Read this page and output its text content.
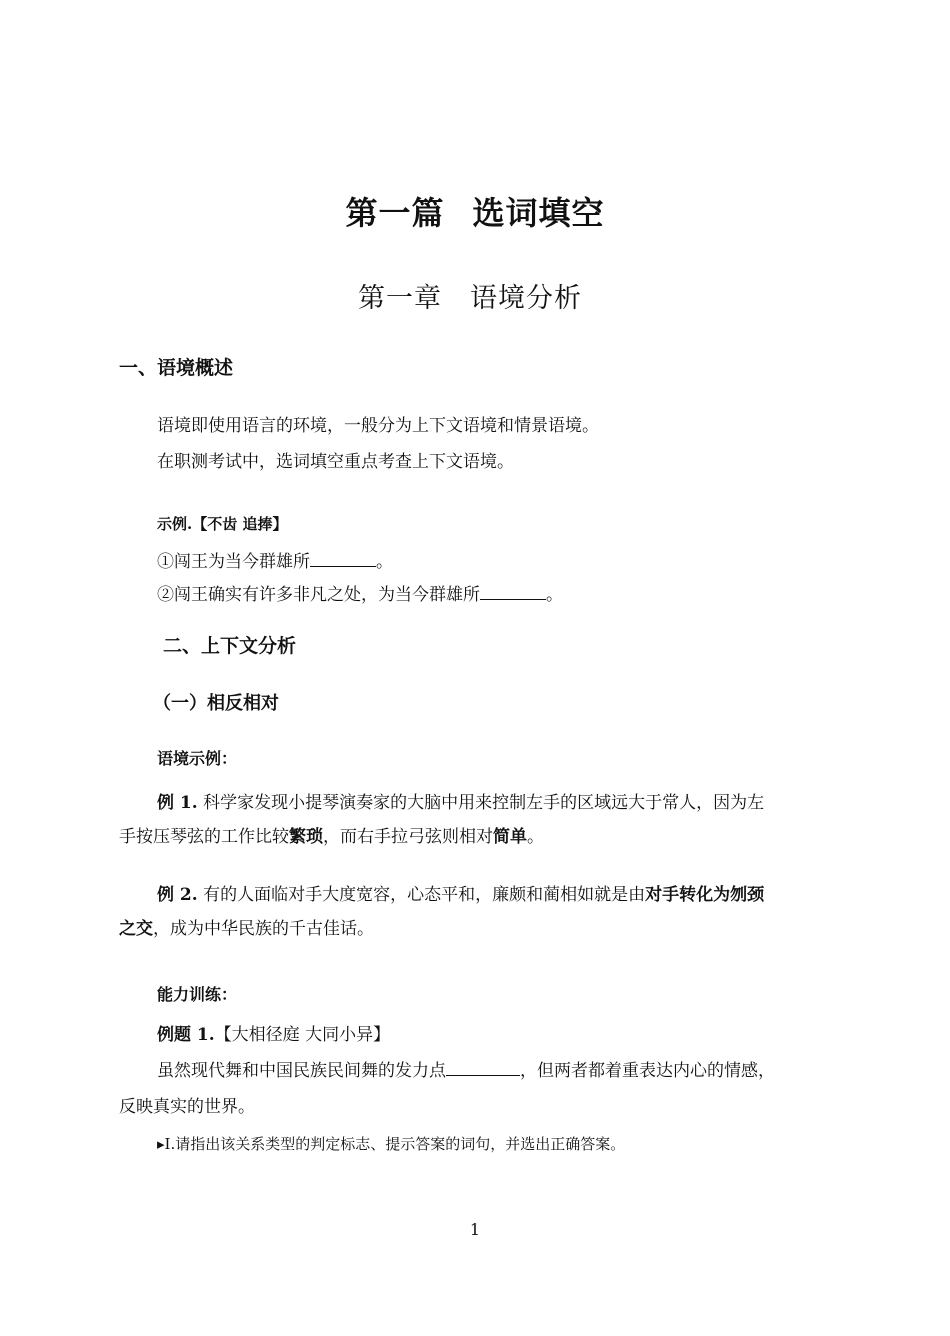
第一篇 选词填空
第一章 语境分析
一、语境概述
语境即使用语言的环境，一般分为上下文语境和情景语境。
在职测考试中，选词填空重点考查上下文语境。
示例.【不齿 追捧】
①闯王为当今群雄所	。
②闯王确实有许多非凡之处，为当今群雄所	。
二、上下文分析
（一）相反相对
语境示例：
例 1. 科学家发现小提琴演奏家的大脑中用来控制左手的区域远大于常人，因为左
手按压琴弦的工作比较繁琐，而右手拉弓弦则相对简单。
例 2. 有的人面临对手大度宽容，心态平和，廉颇和蔺相如就是由对手转化为刎颈
之交，成为中华民族的千古佳话。
能力训练：
例题 1.【大相径庭 大同小异】
虽然现代舞和中国民族民间舞的发力点	，但两者都着重表达内心的情感，
反映真实的世界。
▸I.请指出该关系类型的判定标志、提示答案的词句，并选出正确答案。
1
